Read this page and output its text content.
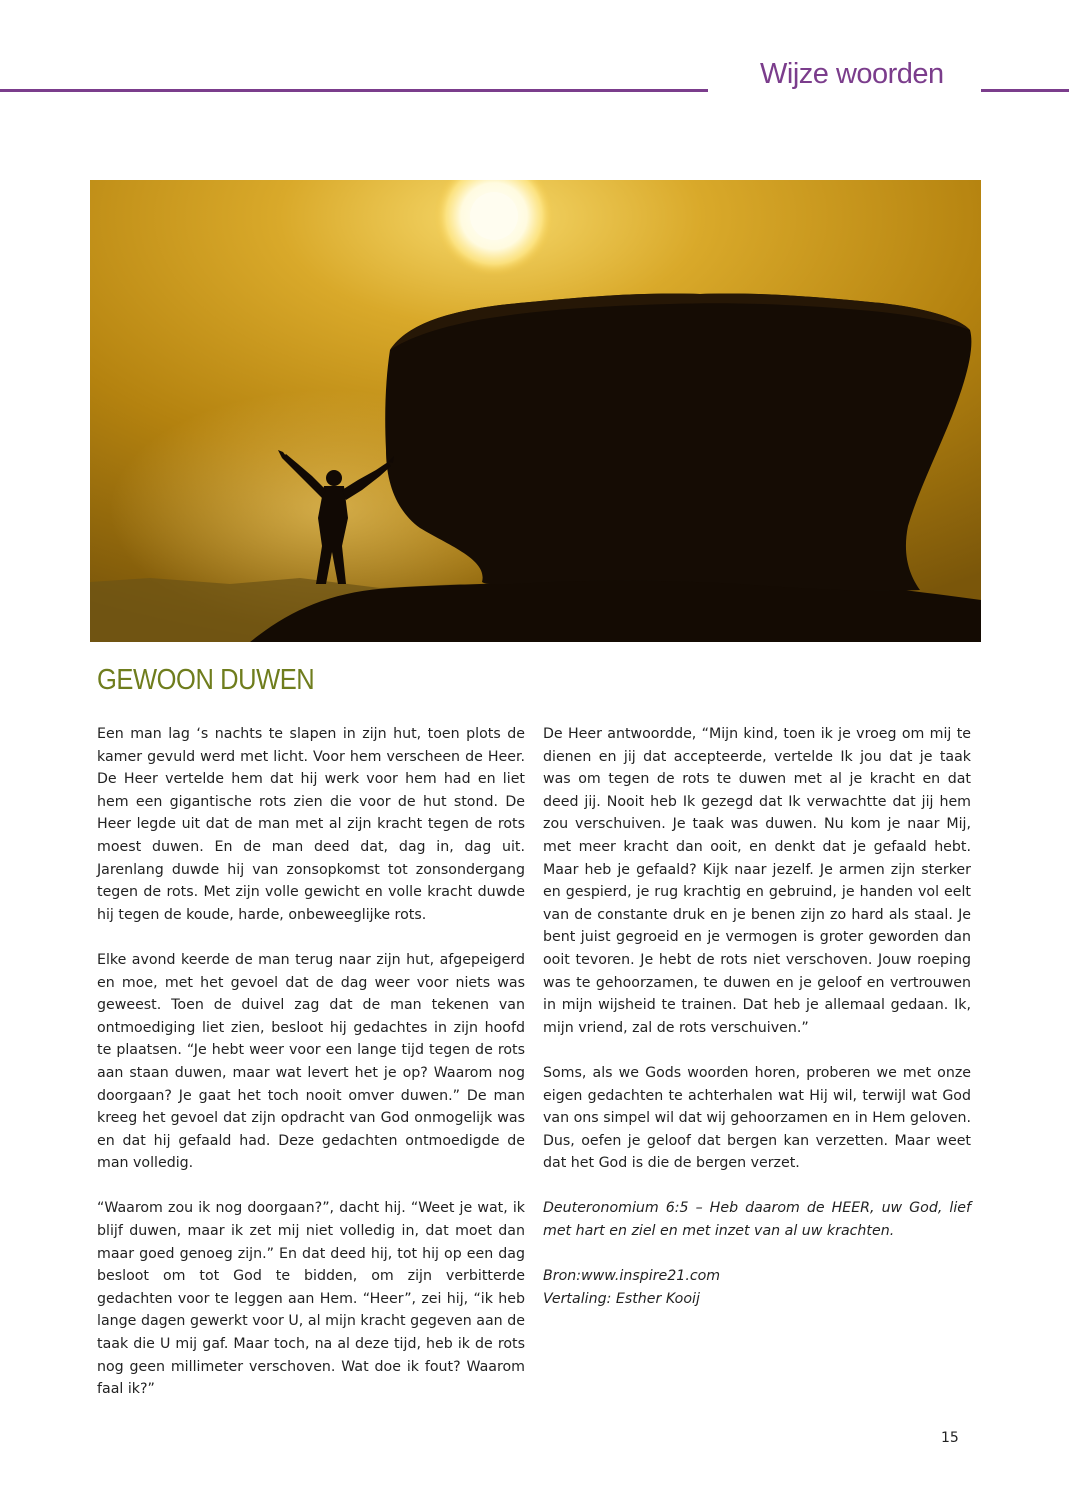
Wijze woorden
GEWOON DUWEN

Een man lag ‘s nachts te slapen in zijn hut, toen plots de kamer gevuld werd met licht. Voor hem verscheen de Heer. De Heer vertelde hem dat hij werk voor hem had en liet hem een gigantische rots zien die voor de hut stond. De Heer legde uit dat de man met al zijn kracht tegen de rots moest duwen. En de man deed dat, dag in, dag uit. Jarenlang duwde hij van zonsopkomst tot zonsondergang tegen de rots. Met zijn volle gewicht en volle kracht duwde hij tegen de koude, harde, onbeweeglijke rots.

Elke avond keerde de man terug naar zijn hut, afgepeigerd en moe, met het gevoel dat de dag weer voor niets was geweest. Toen de duivel zag dat de man tekenen van ontmoediging liet zien, besloot hij gedachtes in zijn hoofd te plaatsen. “Je hebt weer voor een lange tijd tegen de rots aan staan duwen, maar wat levert het je op? Waarom nog doorgaan? Je gaat het toch nooit omver duwen.” De man kreeg het gevoel dat zijn opdracht van God onmogelijk was en dat hij gefaald had. Deze gedachten ontmoedigde de man volledig.

“Waarom zou ik nog doorgaan?”, dacht hij. “Weet je wat, ik blijf duwen, maar ik zet mij niet volledig in, dat moet dan maar goed genoeg zijn.” En dat deed hij, tot hij op een dag besloot om tot God te bidden, om zijn verbitterde gedachten voor te leggen aan Hem. “Heer”, zei hij, “ik heb lange dagen gewerkt voor U, al mijn kracht gegeven aan de taak die U mij gaf. Maar toch, na al deze tijd, heb ik de rots nog geen millimeter verschoven. Wat doe ik fout? Waarom faal ik?”

De Heer antwoordde, “Mijn kind, toen ik je vroeg om mij te dienen en jij dat accepteerde, vertelde Ik jou dat je taak was om tegen de rots te duwen met al je kracht en dat deed jij. Nooit heb Ik gezegd dat Ik verwachtte dat jij hem zou verschuiven. Je taak was duwen. Nu kom je naar Mij, met meer kracht dan ooit, en denkt dat je gefaald hebt. Maar heb je gefaald? Kijk naar jezelf. Je armen zijn sterker en gespierd, je rug krachtig en gebruind, je handen vol eelt van de constante druk en je benen zijn zo hard als staal. Je bent juist gegroeid en je vermogen is groter geworden dan ooit tevoren. Je hebt de rots niet verschoven. Jouw roeping was te gehoorzamen, te duwen en je geloof en vertrouwen in mijn wijsheid te trainen. Dat heb je allemaal gedaan. Ik, mijn vriend, zal de rots verschuiven.”

Soms, als we Gods woorden horen, proberen we met onze eigen gedachten te achterhalen wat Hij wil, terwijl wat God van ons simpel wil dat wij gehoorzamen en in Hem geloven. Dus, oefen je geloof dat bergen kan verzetten. Maar weet dat het God is die de bergen verzet.

Deuteronomium 6:5 – Heb daarom de HEER, uw God, lief met hart en ziel en met inzet van al uw krachten.

Bron:www.inspire21.com

Vertaling: Esther Kooij

15
